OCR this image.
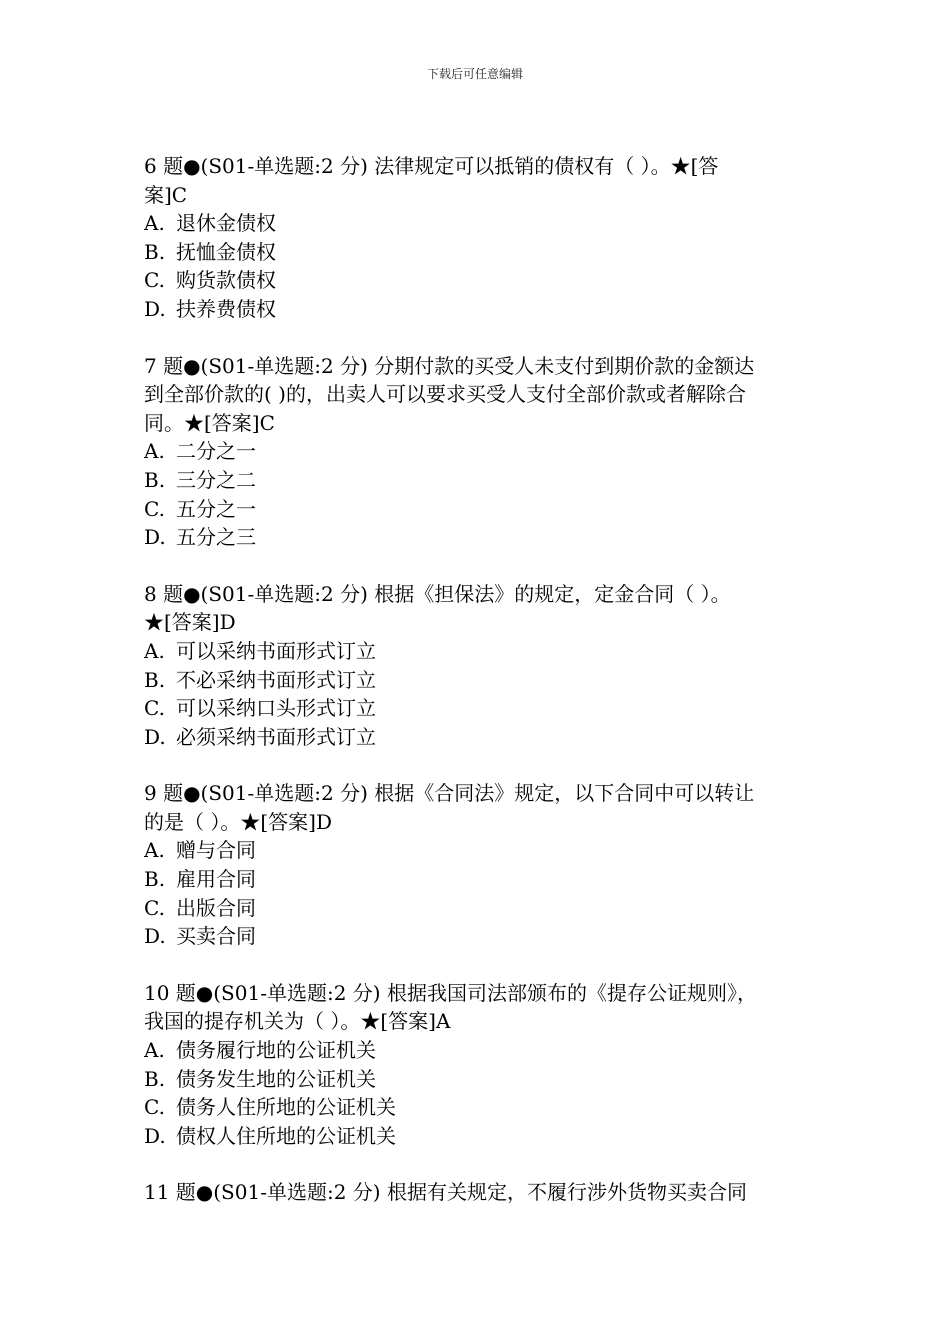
下载后可任意编辑
6 题●(S01-单选题:2 分) 法律规定可以抵销的债权有（ ）。★[答
案]C
A. 退休金债权
B. 抚恤金债权
C. 购货款债权
D. 扶养费债权
7 题●(S01-单选题:2 分) 分期付款的买受人未支付到期价款的金额达
到全部价款的( )的，出卖人可以要求买受人支付全部价款或者解除合
同。★[答案]C
A. 二分之一
B. 三分之二
C. 五分之一
D. 五分之三
8 题●(S01-单选题:2 分) 根据《担保法》的规定，定金合同（ ）。
★[答案]D
A. 可以采纳书面形式订立
B. 不必采纳书面形式订立
C. 可以采纳口头形式订立
D. 必须采纳书面形式订立
9 题●(S01-单选题:2 分) 根据《合同法》规定，以下合同中可以转让
的是（ ）。★[答案]D
A. 赠与合同
B. 雇用合同
C. 出版合同
D. 买卖合同
10 题●(S01-单选题:2 分) 根据我国司法部颁布的《提存公证规则》，
我国的提存机关为（ ）。★[答案]A
A. 债务履行地的公证机关
B. 债务发生地的公证机关
C. 债务人住所地的公证机关
D. 债权人住所地的公证机关
11 题●(S01-单选题:2 分) 根据有关规定，不履行涉外货物买卖合同
